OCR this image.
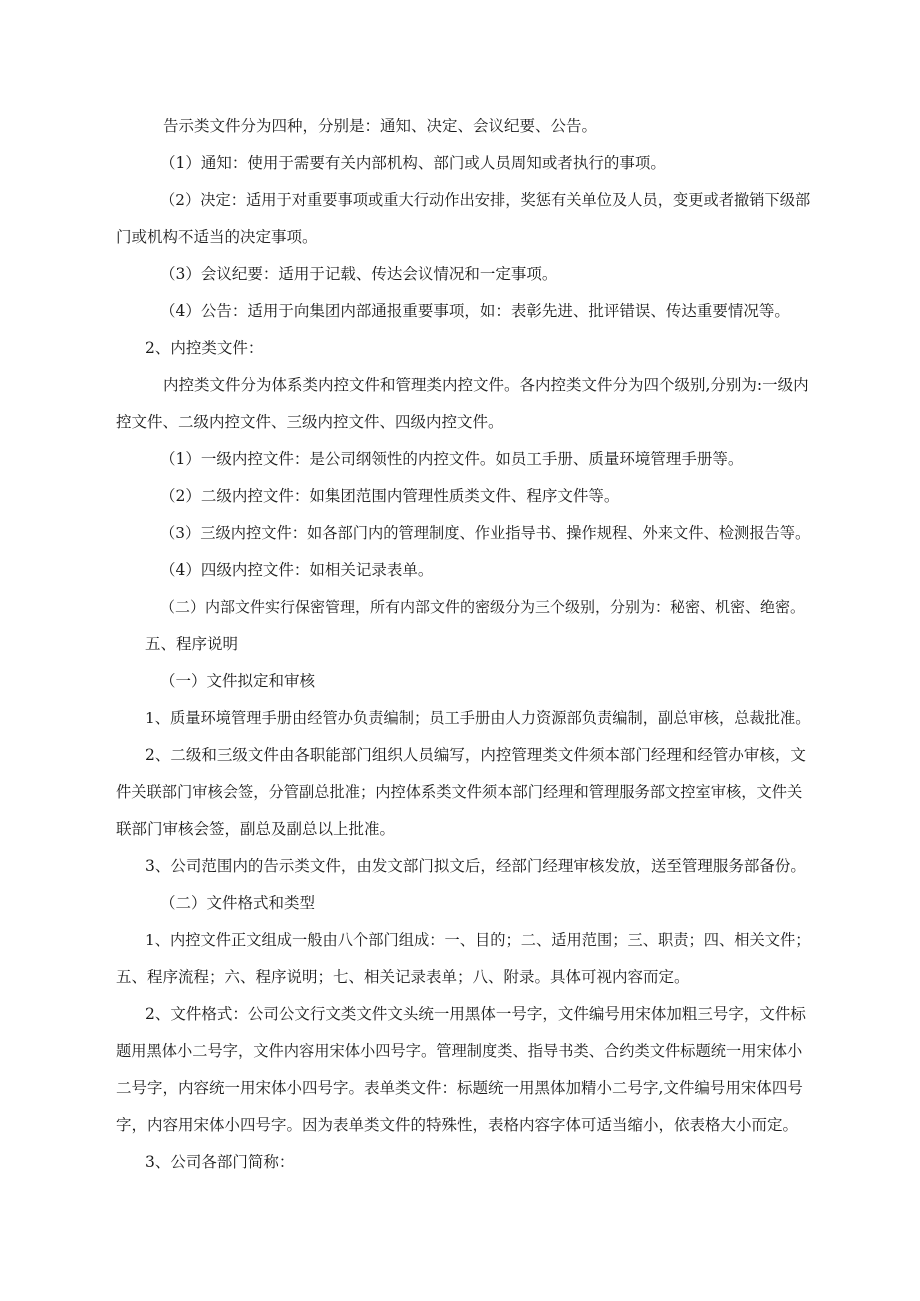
告示类文件分为四种，分别是：通知、决定、会议纪要、公告。

（1）通知：使用于需要有关内部机构、部门或人员周知或者执行的事项。

（2）决定：适用于对重要事项或重大行动作出安排，奖惩有关单位及人员，变更或者撤销下级部

门或机构不适当的决定事项。

（3）会议纪要：适用于记载、传达会议情况和一定事项。

（4）公告：适用于向集团内部通报重要事项，如：表彰先进、批评错误、传达重要情况等。

2、内控类文件：

内控类文件分为体系类内控文件和管理类内控文件。各内控类文件分为四个级别,分别为:一级内

控文件、二级内控文件、三级内控文件、四级内控文件。

（1）一级内控文件：是公司纲领性的内控文件。如员工手册、质量环境管理手册等。

（2）二级内控文件：如集团范围内管理性质类文件、程序文件等。

（3）三级内控文件：如各部门内的管理制度、作业指导书、操作规程、外来文件、检测报告等。

（4）四级内控文件：如相关记录表单。

（二）内部文件实行保密管理，所有内部文件的密级分为三个级别，分别为：秘密、机密、绝密。

五、程序说明

（一）文件拟定和审核

1、质量环境管理手册由经管办负责编制；员工手册由人力资源部负责编制，副总审核，总裁批准。

2、二级和三级文件由各职能部门组织人员编写，内控管理类文件须本部门经理和经管办审核，文

件关联部门审核会签，分管副总批准；内控体系类文件须本部门经理和管理服务部文控室审核，文件关

联部门审核会签，副总及副总以上批准。

3、公司范围内的告示类文件，由发文部门拟文后，经部门经理审核发放，送至管理服务部备份。

（二）文件格式和类型

1、内控文件正文组成一般由八个部门组成：一、目的；二、适用范围；三、职责；四、相关文件；

五、程序流程；六、程序说明；七、相关记录表单；八、附录。具体可视内容而定。

2、文件格式：公司公文行文类文件文头统一用黑体一号字，文件编号用宋体加粗三号字，文件标

题用黑体小二号字，文件内容用宋体小四号字。管理制度类、指导书类、合约类文件标题统一用宋体小

二号字，内容统一用宋体小四号字。表单类文件：标题统一用黑体加精小二号字,文件编号用宋体四号

字，内容用宋体小四号字。因为表单类文件的特殊性，表格内容字体可适当缩小，依表格大小而定。

3、公司各部门简称：
